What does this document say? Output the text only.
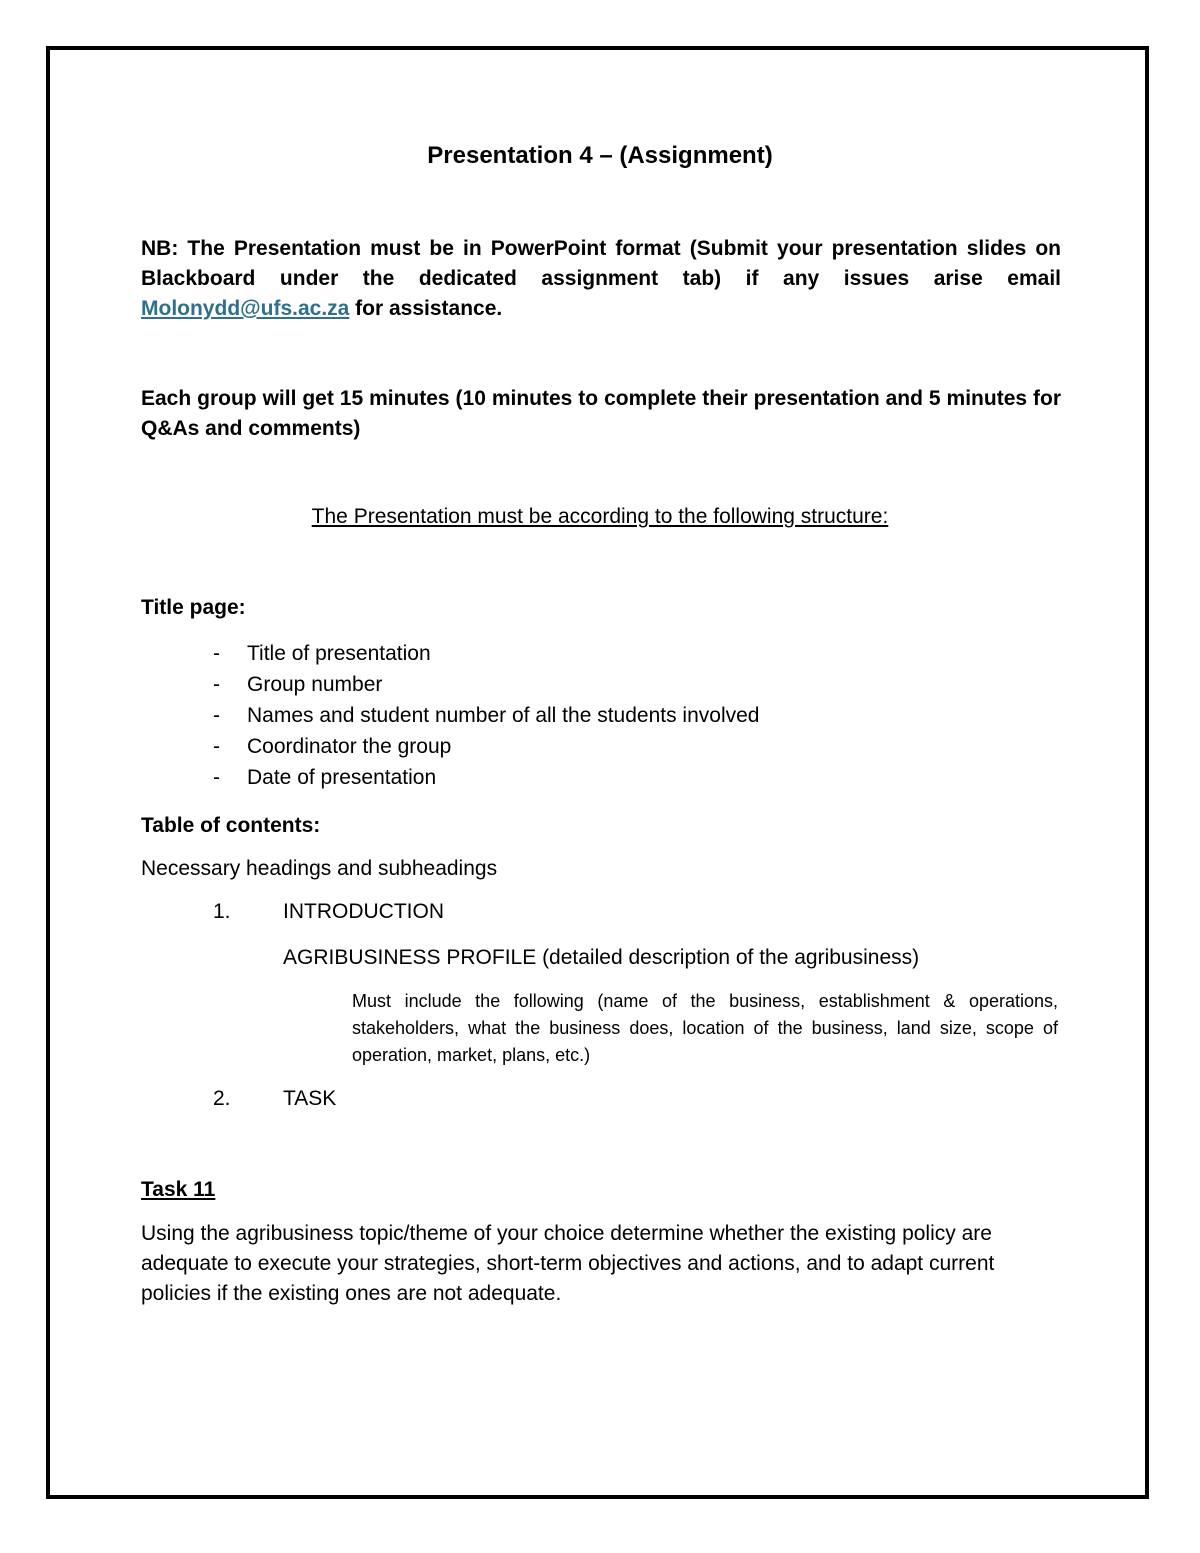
Presentation 4 – (Assignment)
NB: The Presentation must be in PowerPoint format (Submit your presentation slides on Blackboard under the dedicated assignment tab) if any issues arise email Molonydd@ufs.ac.za for assistance.
Each group will get 15 minutes (10 minutes to complete their presentation and 5 minutes for Q&As and comments)
The Presentation must be according to the following structure:
Title page:
- Title of presentation
- Group number
- Names and student number of all the students involved
- Coordinator the group
- Date of presentation
Table of contents:
Necessary headings and subheadings
1. INTRODUCTION
AGRIBUSINESS PROFILE (detailed description of the agribusiness)
Must include the following (name of the business, establishment & operations, stakeholders, what the business does, location of the business, land size, scope of operation, market, plans, etc.)
2. TASK
Task 11
Using the agribusiness topic/theme of your choice determine whether the existing policy are adequate to execute your strategies, short-term objectives and actions, and to adapt current policies if the existing ones are not adequate.
